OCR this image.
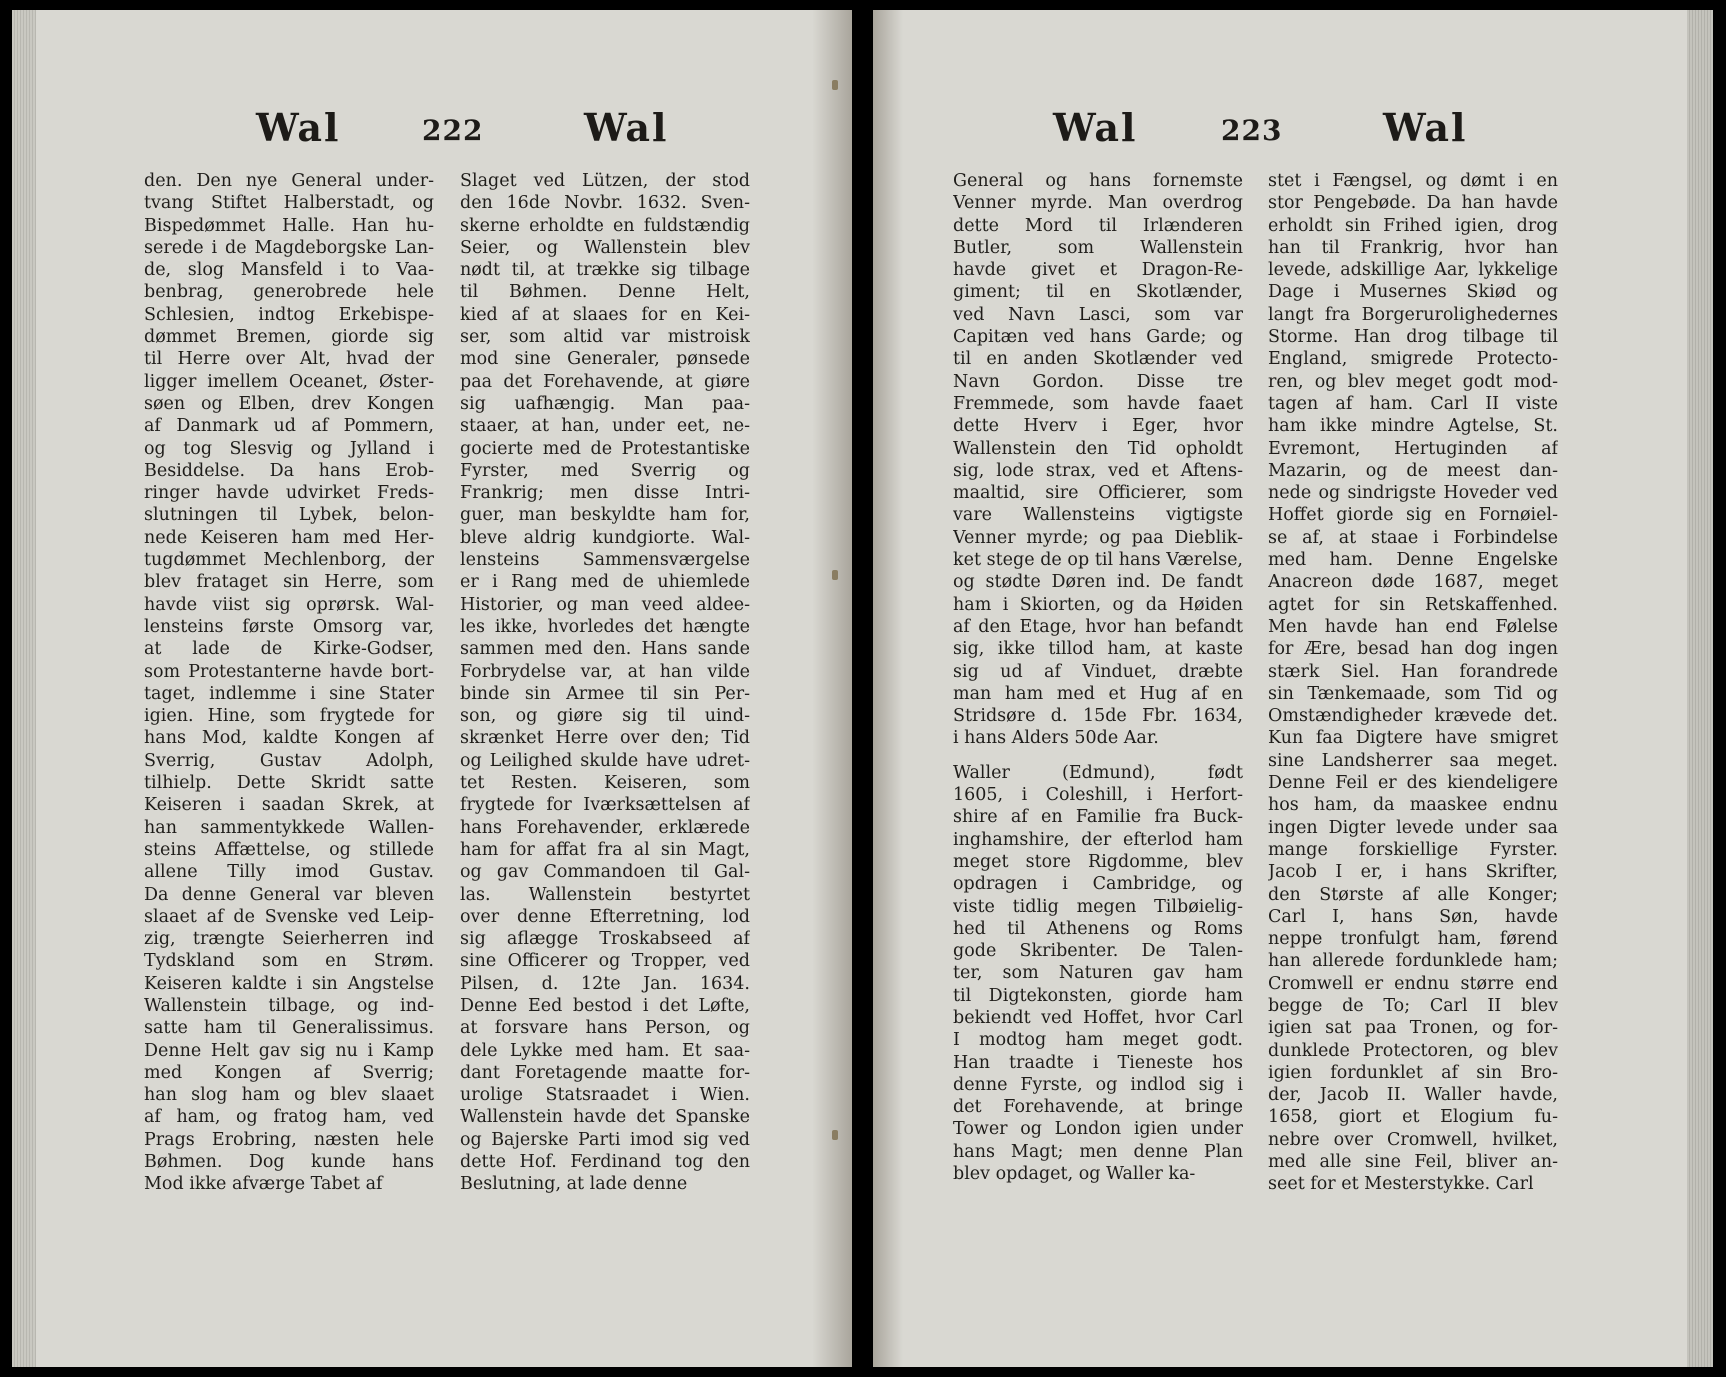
Wal	222	Wal
den. Den nye General under-
tvang Stiftet Halberstadt, og
Bispedømmet Halle. Han hu-
serede i de Magdeborgske Lan-
de, slog Mansfeld i to Vaa-
benbrag, generobrede hele
Schlesien, indtog Erkebispe-
dømmet Bremen, giorde sig
til Herre over Alt, hvad der
ligger imellem Oceanet, Øster-
søen og Elben, drev Kongen
af Danmark ud af Pommern,
og tog Slesvig og Jylland i
Besiddelse. Da hans Erob-
ringer havde udvirket Freds-
slutningen til Lybek, belon-
nede Keiseren ham med Her-
tugdømmet Mechlenborg, der
blev frataget sin Herre, som
havde viist sig oprørsk. Wal-
lensteins første Omsorg var,
at lade de Kirke-Godser,
som Protestanterne havde bort-
taget, indlemme i sine Stater
igien. Hine, som frygtede for
hans Mod, kaldte Kongen af
Sverrig, Gustav Adolph,
tilhielp. Dette Skridt satte
Keiseren i saadan Skrek, at
han sammentykkede Wallen-
steins Affættelse, og stillede
allene Tilly imod Gustav.
Da denne General var bleven
slaaet af de Svenske ved Leip-
zig, trængte Seierherren ind
Tydskland som en Strøm.
Keiseren kaldte i sin Angstelse
Wallenstein tilbage, og ind-
satte ham til Generalissimus.
Denne Helt gav sig nu i Kamp
med Kongen af Sverrig;
han slog ham og blev slaaet
af ham, og fratog ham, ved
Prags Erobring, næsten hele
Bøhmen. Dog kunde hans
Mod ikke afværge Tabet af
Slaget ved Lützen, der stod
den 16de Novbr. 1632. Sven-
skerne erholdte en fuldstændig
Seier, og Wallenstein blev
nødt til, at trække sig tilbage
til Bøhmen. Denne Helt,
kied af at slaaes for en Kei-
ser, som altid var mistroisk
mod sine Generaler, pønsede
paa det Forehavende, at giøre
sig uafhængig. Man paa-
staaer, at han, under eet, ne-
gocierte med de Protestantiske
Fyrster, med Sverrig og
Frankrig; men disse Intri-
guer, man beskyldte ham for,
bleve aldrig kundgiorte. Wal-
lensteins Sammensværgelse
er i Rang med de uhiemlede
Historier, og man veed aldee-
les ikke, hvorledes det hængte
sammen med den. Hans sande
Forbrydelse var, at han vilde
binde sin Armee til sin Per-
son, og giøre sig til uind-
skrænket Herre over den; Tid
og Leilighed skulde have udret-
tet Resten. Keiseren, som
frygtede for Iværksættelsen af
hans Forehavender, erklærede
ham for affat fra al sin Magt,
og gav Commandoen til Gal-
las. Wallenstein bestyrtet
over denne Efterretning, lod
sig aflægge Troskabseed af
sine Officerer og Tropper, ved
Pilsen, d. 12te Jan. 1634.
Denne Eed bestod i det Løfte,
at forsvare hans Person, og
dele Lykke med ham. Et saa-
dant Foretagende maatte for-
urolige Statsraadet i Wien.
Wallenstein havde det Spanske
og Bajerske Parti imod sig ved
dette Hof. Ferdinand tog den
Beslutning, at lade denne
Wal	223	Wal
General og hans fornemste
Venner myrde. Man overdrog
dette Mord til Irlænderen
Butler, som Wallenstein
havde givet et Dragon-Re-
giment; til en Skotlænder,
ved Navn Lasci, som var
Capitæn ved hans Garde; og
til en anden Skotlænder ved
Navn Gordon. Disse tre
Fremmede, som havde faaet
dette Hverv i Eger, hvor
Wallenstein den Tid opholdt
sig, lode strax, ved et Aftens-
maaltid, sire Officierer, som
vare Wallensteins vigtigste
Venner myrde; og paa Dieblik-
ket stege de op til hans Værelse,
og stødte Døren ind. De fandt
ham i Skiorten, og da Høiden
af den Etage, hvor han befandt
sig, ikke tillod ham, at kaste
sig ud af Vinduet, dræbte
man ham med et Hug af en
Stridsøre d. 15de Fbr. 1634,
i hans Alders 50de Aar.
Waller (Edmund), født
1605, i Coleshill, i Herfort-
shire af en Familie fra Buck-
inghamshire, der efterlod ham
meget store Rigdomme, blev
opdragen i Cambridge, og
viste tidlig megen Tilbøielig-
hed til Athenens og Roms
gode Skribenter. De Talen-
ter, som Naturen gav ham
til Digtekonsten, giorde ham
bekiendt ved Hoffet, hvor Carl
I modtog ham meget godt.
Han traadte i Tieneste hos
denne Fyrste, og indlod sig i
det Forehavende, at bringe
Tower og London igien under
hans Magt; men denne Plan
blev opdaget, og Waller ka-
stet i Fængsel, og dømt i en
stor Pengebøde. Da han havde
erholdt sin Frihed igien, drog
han til Frankrig, hvor han
levede, adskillige Aar, lykkelige
Dage i Musernes Skiød og
langt fra Borgerurolighedernes
Storme. Han drog tilbage til
England, smigrede Protecto-
ren, og blev meget godt mod-
tagen af ham. Carl II viste
ham ikke mindre Agtelse, St.
Evremont, Hertuginden af
Mazarin, og de meest dan-
nede og sindrigste Hoveder ved
Hoffet giorde sig en Fornøiel-
se af, at staae i Forbindelse
med ham. Denne Engelske
Anacreon døde 1687, meget
agtet for sin Retskaffenhed.
Men havde han end Følelse
for Ære, besad han dog ingen
stærk Siel. Han forandrede
sin Tænkemaade, som Tid og
Omstændigheder krævede det.
Kun faa Digtere have smigret
sine Landsherrer saa meget.
Denne Feil er des kiendeligere
hos ham, da maaskee endnu
ingen Digter levede under saa
mange forskiellige Fyrster.
Jacob I er, i hans Skrifter,
den Største af alle Konger;
Carl I, hans Søn, havde
neppe tronfulgt ham, førend
han allerede fordunklede ham;
Cromwell er endnu større end
begge de To; Carl II blev
igien sat paa Tronen, og for-
dunklede Protectoren, og blev
igien fordunklet af sin Bro-
der, Jacob II. Waller havde,
1658, giort et Elogium fu-
nebre over Cromwell, hvilket,
med alle sine Feil, bliver an-
seet for et Mesterstykke. Carl
